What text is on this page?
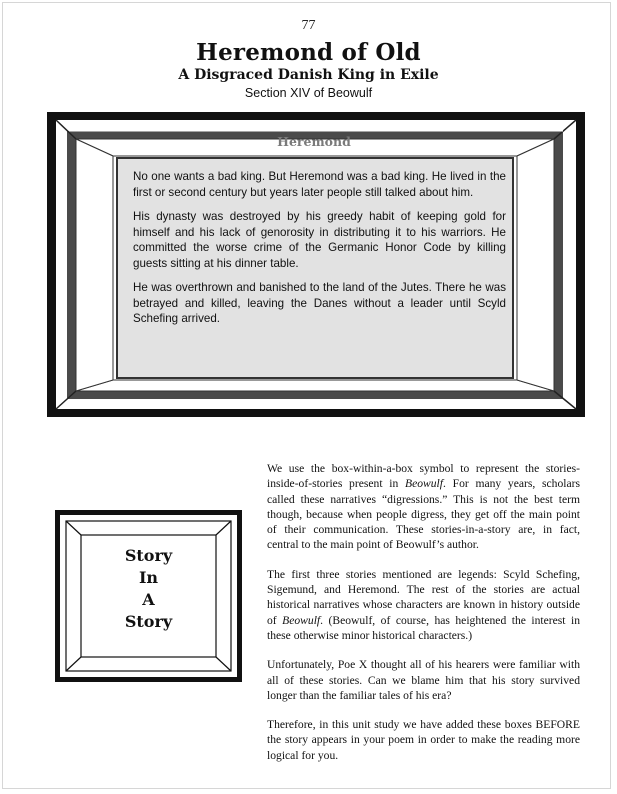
77
Heremond of Old
A Disgraced Danish King in Exile
Section XIV of Beowulf
Heremond

No one wants a bad king. But Heremond was a bad king. He lived in the first or second century but years later people still talked about him.

His dynasty was destroyed by his greedy habit of keeping gold for himself and his lack of genorosity in distributing it to his warriors. He committed the worse crime of the Germanic Honor Code by killing guests sitting at his dinner table.

He was overthrown and banished to the land of the Jutes. There he was betrayed and killed, leaving the Danes without a leader until Scyld Schefing arrived.

Story
In
A
Story

We use the box-within-a-box symbol to represent the stories-inside-of-stories present in Beowulf. For many years, scholars called these narratives “digressions.” This is not the best term though, because when people digress, they get off the main point of their communication. These stories-in-a-story are, in fact, central to the main point of Beowulf’s author.

The first three stories mentioned are legends: Scyld Schefing, Sigemund, and Heremond. The rest of the stories are actual historical narratives whose characters are known in history outside of Beowulf. (Beowulf, of course, has heightened the interest in these otherwise minor historical characters.)

Unfortunately, Poe X thought all of his hearers were familiar with all of these stories. Can we blame him that his story survived longer than the familiar tales of his era?

Therefore, in this unit study we have added these boxes BEFORE the story appears in your poem in order to make the reading more logical for you.
